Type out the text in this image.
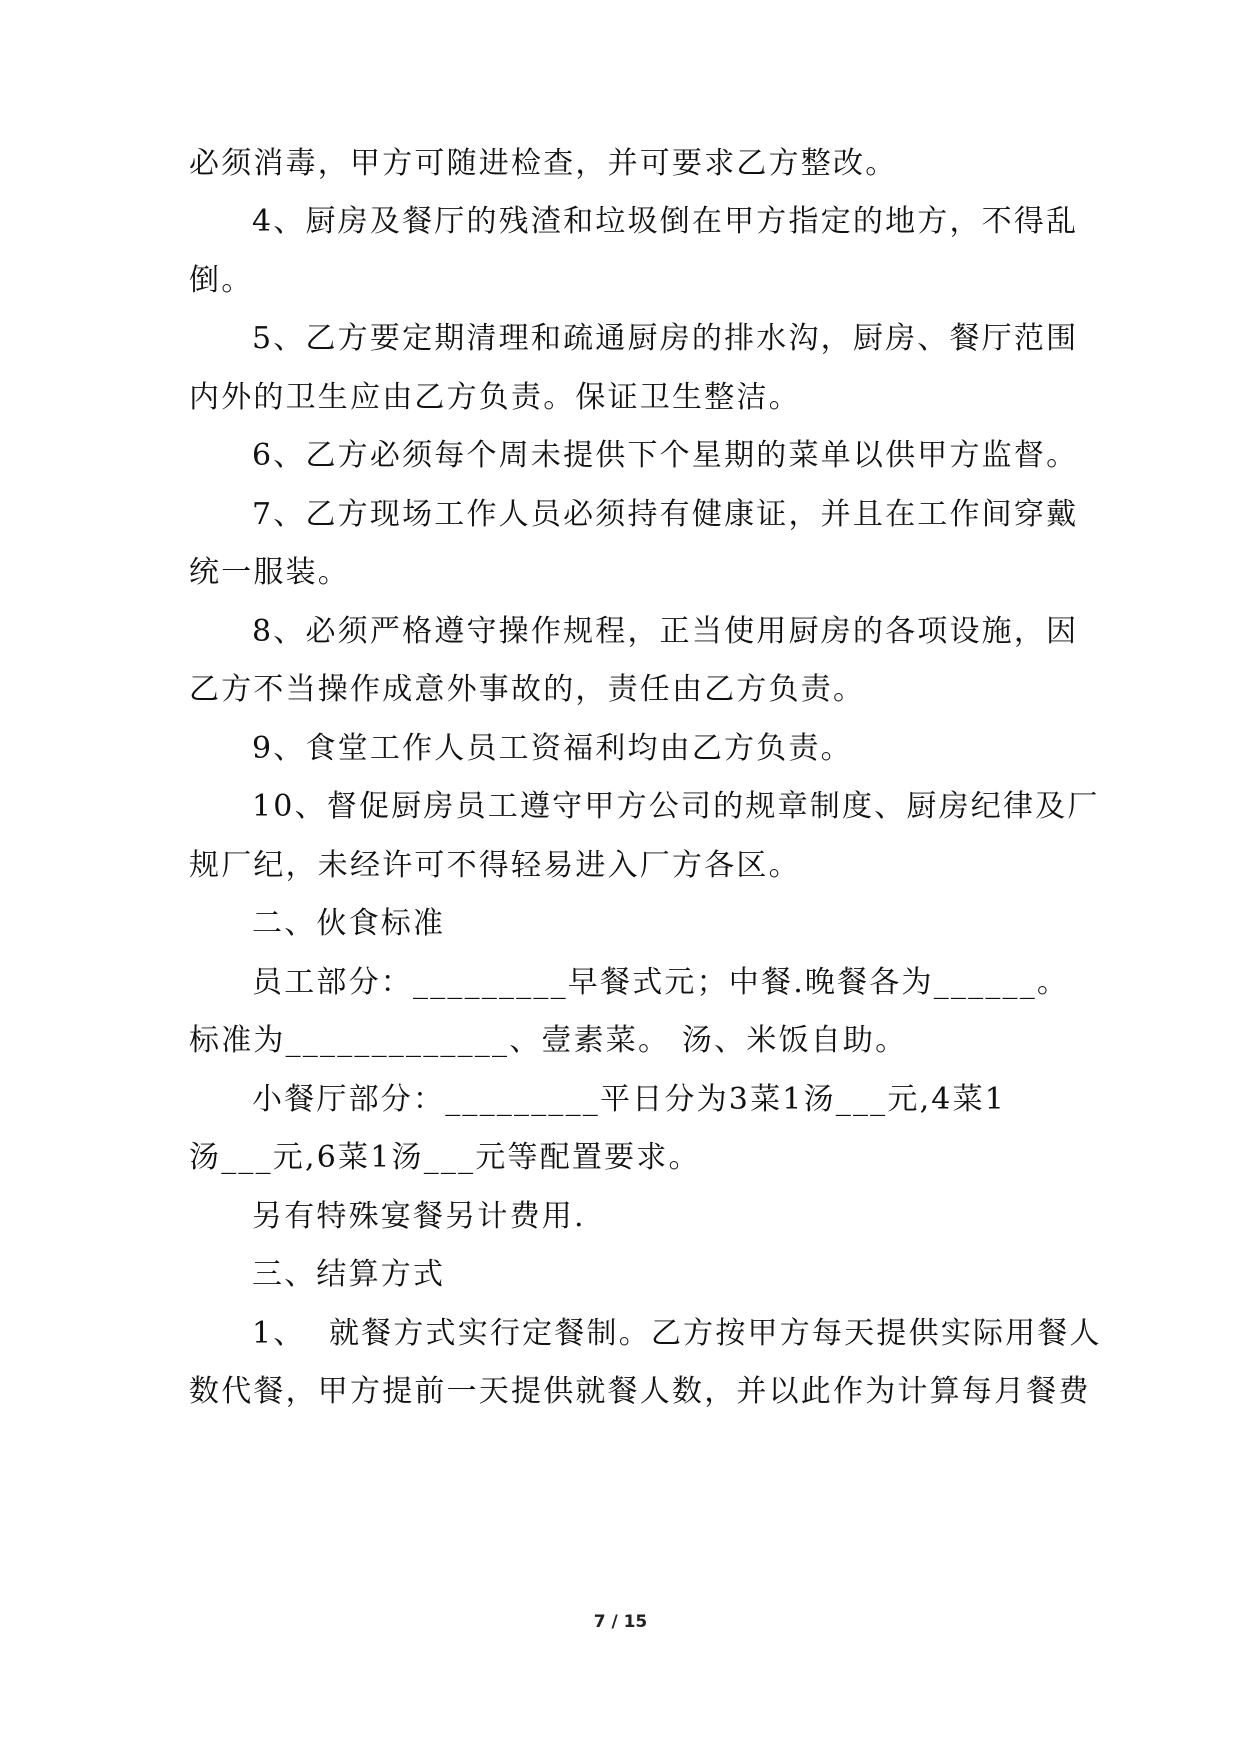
必须消毒，甲方可随进检查，并可要求乙方整改。
4、厨房及餐厅的残渣和垃圾倒在甲方指定的地方，不得乱
倒。
5、乙方要定期清理和疏通厨房的排水沟，厨房、餐厅范围
内外的卫生应由乙方负责。保证卫生整洁。
6、乙方必须每个周未提供下个星期的菜单以供甲方监督。
7、乙方现场工作人员必须持有健康证，并且在工作间穿戴
统一服装。
8、必须严格遵守操作规程，正当使用厨房的各项设施，因
乙方不当操作成意外事故的，责任由乙方负责。
9、食堂工作人员工资福利均由乙方负责。
10、督促厨房员工遵守甲方公司的规章制度、厨房纪律及厂
规厂纪，未经许可不得轻易进入厂方各区。
二、伙食标准
员工部分：_________早餐式元；中餐.晚餐各为______。
标准为_____________、壹素菜。 汤、米饭自助。
小餐厅部分：_________平日分为3菜1汤___元,4菜1
汤___元,6菜1汤___元等配置要求。
另有特殊宴餐另计费用.
三、结算方式
1、  就餐方式实行定餐制。乙方按甲方每天提供实际用餐人
数代餐，甲方提前一天提供就餐人数，并以此作为计算每月餐费
7 / 15
